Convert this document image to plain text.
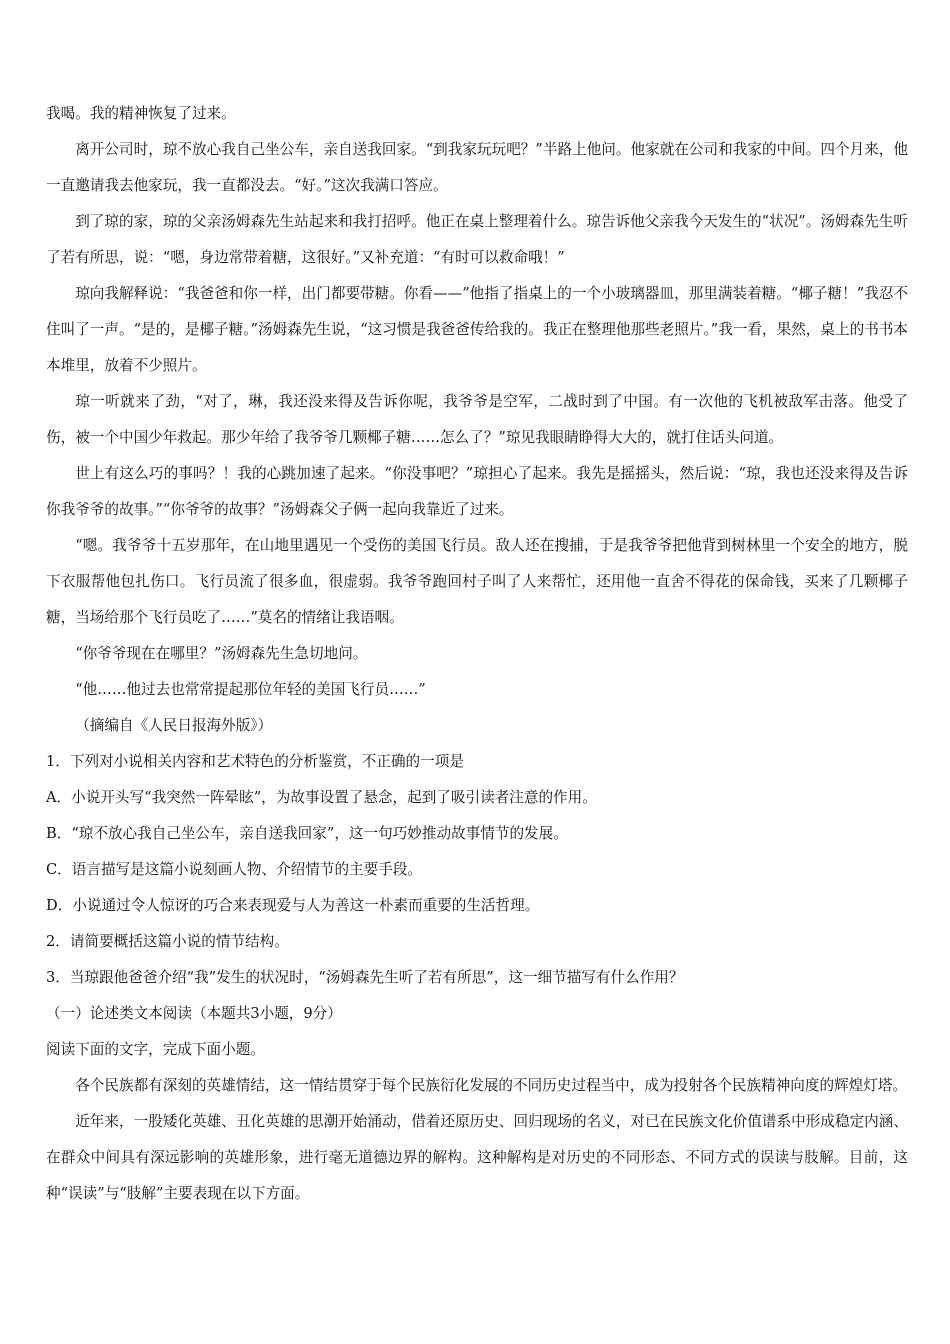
我喝。我的精神恢复了过来。

离开公司时，琼不放心我自己坐公车，亲自送我回家。“到我家玩玩吧？”半路上他问。他家就在公司和我家的中间。四个月来，他一直邀请我去他家玩，我一直都没去。“好。”这次我满口答应。

到了琼的家，琼的父亲汤姆森先生站起来和我打招呼。他正在桌上整理着什么。琼告诉他父亲我今天发生的“状况”。汤姆森先生听了若有所思，说：“嗯，身边常带着糖，这很好。”又补充道：“有时可以救命哦！”

琼向我解释说：“我爸爸和你一样，出门都要带糖。你看——”他指了指桌上的一个小玻璃器皿，那里满装着糖。“椰子糖！”我忍不住叫了一声。“是的，是椰子糖。”汤姆森先生说，“这习惯是我爸爸传给我的。我正在整理他那些老照片。”我一看，果然，桌上的书书本本堆里，放着不少照片。

琼一听就来了劲，“对了，琳，我还没来得及告诉你呢，我爷爷是空军，二战时到了中国。有一次他的飞机被敌军击落。他受了伤，被一个中国少年救起。那少年给了我爷爷几颗椰子糖……怎么了？”琼见我眼睛睁得大大的，就打住话头问道。

世上有这么巧的事吗？！我的心跳加速了起来。“你没事吧？”琼担心了起来。我先是摇摇头，然后说：“琼，我也还没来得及告诉你我爷爷的故事。”“你爷爷的故事？”汤姆森父子俩一起向我靠近了过来。

“嗯。我爷爷十五岁那年，在山地里遇见一个受伤的美国飞行员。敌人还在搜捕，于是我爷爷把他背到树林里一个安全的地方，脱下衣服帮他包扎伤口。飞行员流了很多血，很虚弱。我爷爷跑回村子叫了人来帮忙，还用他一直舍不得花的保命钱，买来了几颗椰子糖，当场给那个飞行员吃了……”莫名的情绪让我语咽。

“你爷爷现在在哪里？”汤姆森先生急切地问。

“他……他过去也常常提起那位年轻的美国飞行员……”

（摘编自《人民日报海外版》）

1．下列对小说相关内容和艺术特色的分析鉴赏，不正确的一项是

A．小说开头写“我突然一阵晕眩”，为故事设置了悬念，起到了吸引读者注意的作用。

B．“琼不放心我自己坐公车，亲自送我回家”，这一句巧妙推动故事情节的发展。

C．语言描写是这篇小说刻画人物、介绍情节的主要手段。

D．小说通过令人惊讶的巧合来表现爱与人为善这一朴素而重要的生活哲理。

2．请简要概括这篇小说的情节结构。

3．当琼跟他爸爸介绍“我”发生的状况时，“汤姆森先生听了若有所思”，这一细节描写有什么作用？

（一）论述类文本阅读（本题共3小题，9分）

阅读下面的文字，完成下面小题。

各个民族都有深刻的英雄情结，这一情结贯穿于每个民族衍化发展的不同历史过程当中，成为投射各个民族精神向度的辉煌灯塔。

近年来，一股矮化英雄、丑化英雄的思潮开始涌动，借着还原历史、回归现场的名义，对已在民族文化价值谱系中形成稳定内涵、在群众中间具有深远影响的英雄形象，进行毫无道德边界的解构。这种解构是对历史的不同形态、不同方式的误读与肢解。目前，这种“误读”与“肢解”主要表现在以下方面。
